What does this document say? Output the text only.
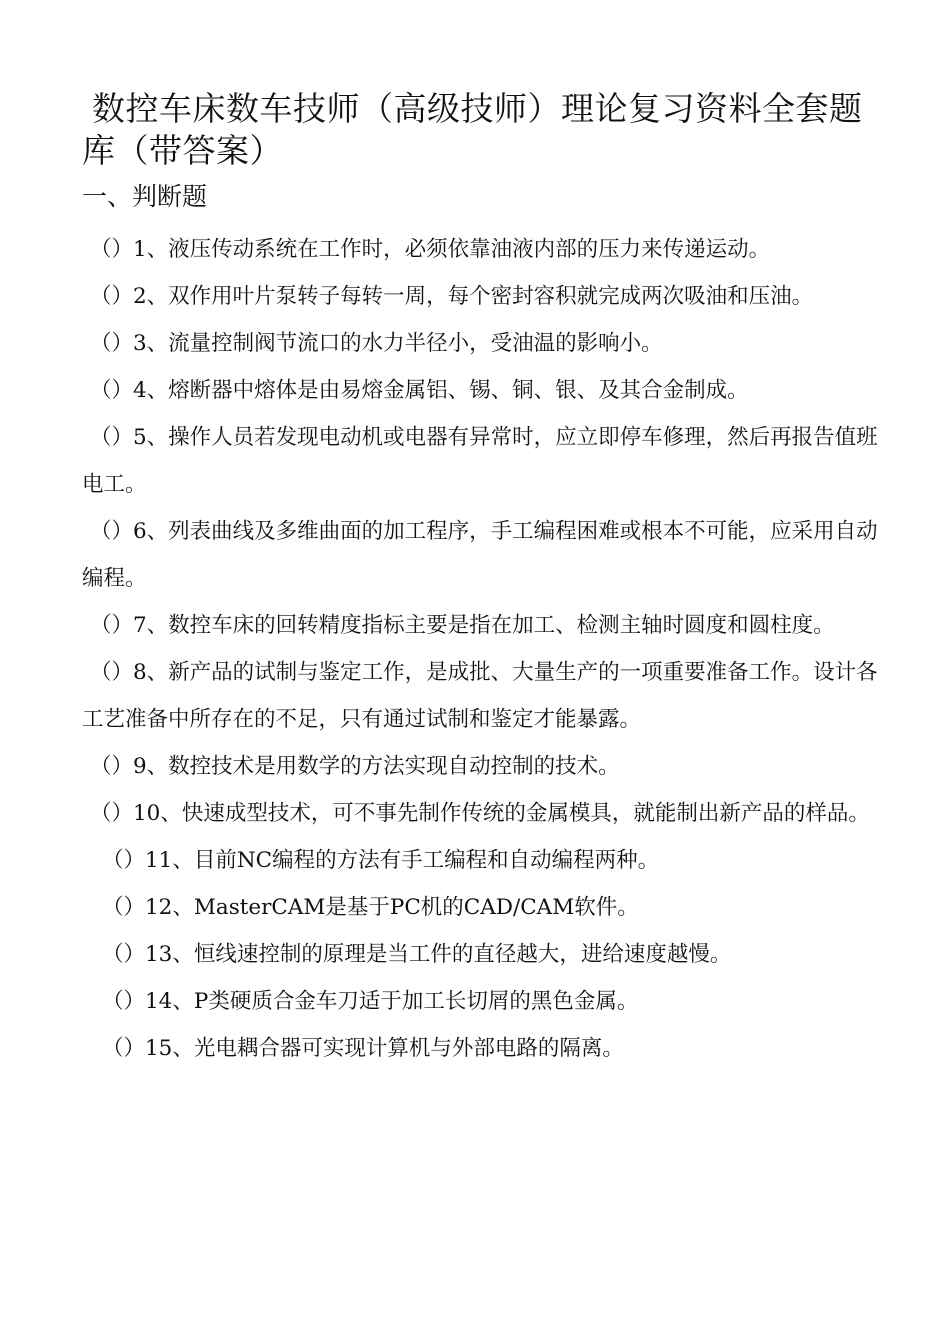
数控车床数车技师（高级技师）理论复习资料全套题库（带答案）
一、判断题
（）1、液压传动系统在工作时，必须依靠油液内部的压力来传递运动。
（）2、双作用叶片泵转子每转一周，每个密封容积就完成两次吸油和压油。
（）3、流量控制阀节流口的水力半径小，受油温的影响小。
（）4、熔断器中熔体是由易熔金属铝、锡、铜、银、及其合金制成。
（）5、操作人员若发现电动机或电器有异常时，应立即停车修理，然后再报告值班电工。
（）6、列表曲线及多维曲面的加工程序，手工编程困难或根本不可能，应采用自动编程。
（）7、数控车床的回转精度指标主要是指在加工、检测主轴时圆度和圆柱度。
（）8、新产品的试制与鉴定工作，是成批、大量生产的一项重要准备工作。设计各工艺准备中所存在的不足，只有通过试制和鉴定才能暴露。
（）9、数控技术是用数学的方法实现自动控制的技术。
（）10、快速成型技术，可不事先制作传统的金属模具，就能制出新产品的样品。
（）11、目前NC编程的方法有手工编程和自动编程两种。
（）12、MasterCAM是基于PC机的CAD/CAM软件。
（）13、恒线速控制的原理是当工件的直径越大，进给速度越慢。
（）14、P类硬质合金车刀适于加工长切屑的黑色金属。
（）15、光电耦合器可实现计算机与外部电路的隔离。
